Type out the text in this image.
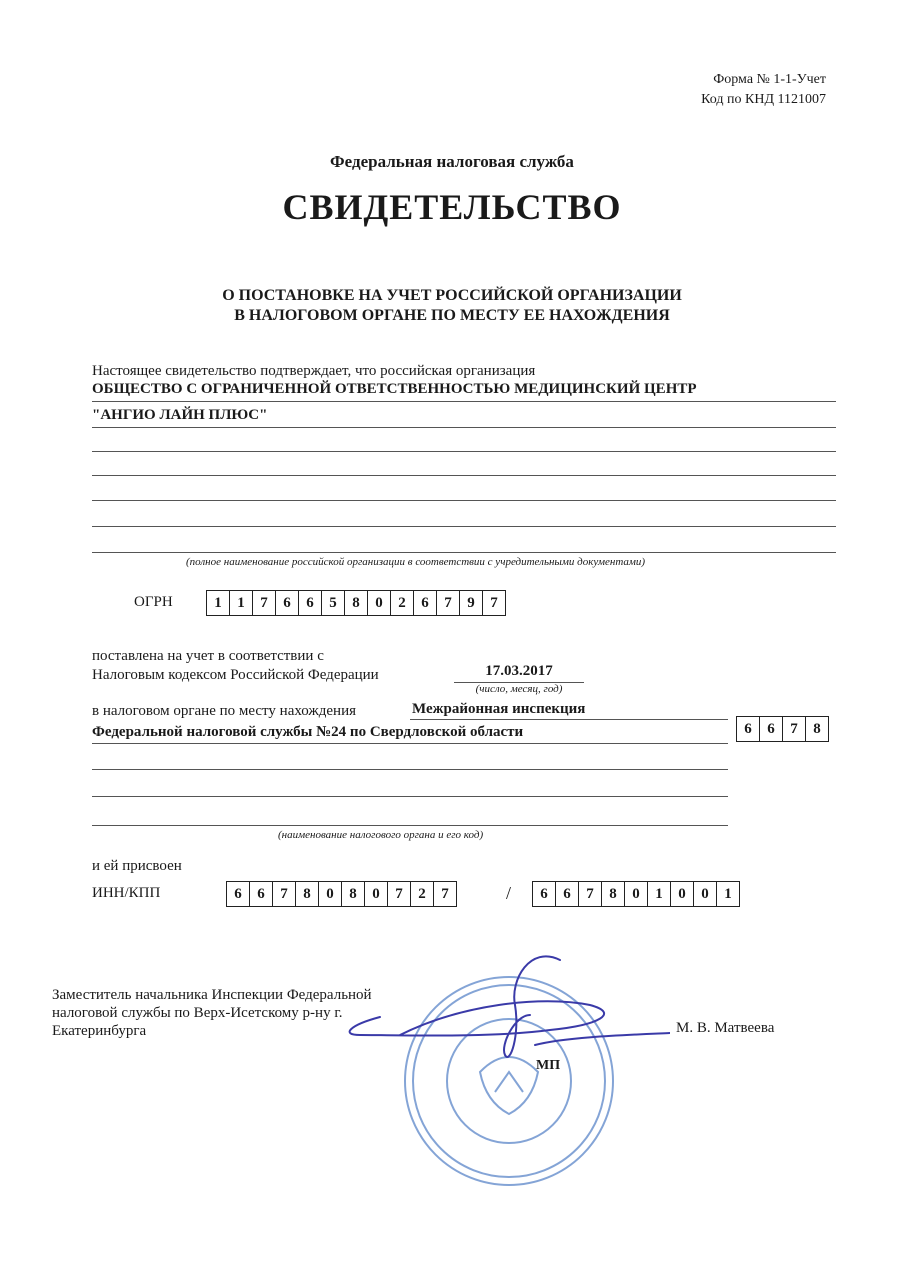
Форма № 1-1-Учет
Код по КНД 1121007
Федеральная налоговая служба
СВИДЕТЕЛЬСТВО
О ПОСТАНОВКЕ НА УЧЕТ РОССИЙСКОЙ ОРГАНИЗАЦИИ
В НАЛОГОВОМ ОРГАНЕ ПО МЕСТУ ЕЕ НАХОЖДЕНИЯ
Настоящее свидетельство подтверждает, что российская организация
ОБЩЕСТВО С ОГРАНИЧЕННОЙ ОТВЕТСТВЕННОСТЬЮ МЕДИЦИНСКИЙ ЦЕНТР
"АНГИО ЛАЙН ПЛЮС"
(полное наименование российской организации в соответствии с учредительными документами)
ОГРН	1	1	7	6	6	5	8	0	2	6	7	9	7
поставлена на учет в соответствии с
Налоговым кодексом Российской Федерации	17.03.2017
(число, месяц, год)
в налоговом органе по месту нахождения	Межрайонная инспекция
Федеральной налоговой службы №24 по Свердловской области	6	6	7	8
(наименование налогового органа и его код)
и ей присвоен
ИНН/КПП	6	6	7	8	0	8	0	7	2	7	/	6	6	7	8	0	1	0	0	1
Заместитель начальника Инспекции Федеральной
налоговой службы по Верх-Исетскому р-ну г.
Екатеринбурга	М. В. Матвеева
МП
